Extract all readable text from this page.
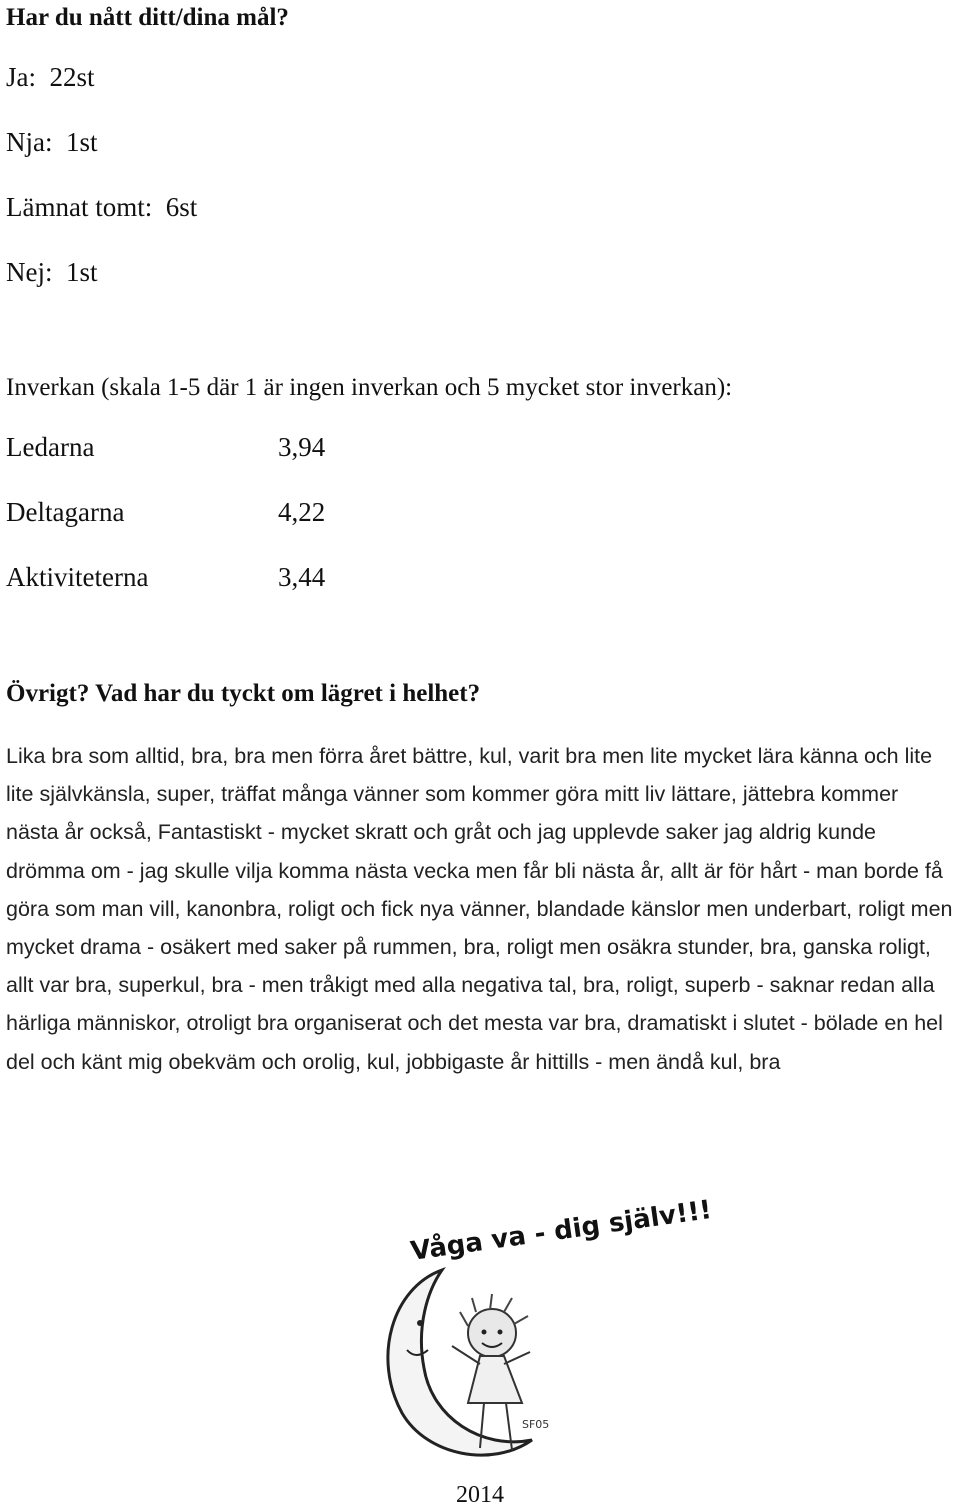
Har du nått ditt/dina mål?

Ja: 22st

Nja: 1st

Lämnat tomt: 6st

Nej: 1st

Inverkan (skala 1-5 där 1 är ingen inverkan och 5 mycket stor inverkan):

Ledarna	3,94

Deltagarna	4,22

Aktiviteterna	3,44

Övrigt? Vad har du tyckt om lägret i helhet?

Lika bra som alltid, bra, bra men förra året bättre, kul, varit bra men lite mycket lära känna och lite lite självkänsla, super, träffat många vänner som kommer göra mitt liv lättare, jättebra kommer nästa år också, Fantastiskt - mycket skratt och gråt och jag upplevde saker jag aldrig kunde drömma om - jag skulle vilja komma nästa vecka men får bli nästa år, allt är för hårt - man borde få göra som man vill, kanonbra, roligt och fick nya vänner, blandade känslor men underbart, roligt men mycket drama - osäkert med saker på rummen, bra, roligt men osäkra stunder, bra, ganska roligt, allt var bra, superkul, bra - men tråkigt med alla negativa tal, bra, roligt, superb - saknar redan alla härliga människor, otroligt bra organiserat och det mesta var bra, dramatiskt i slutet - bölade en hel del och känt mig obekväm och orolig, kul, jobbigaste år hittills - men ändå kul, bra

Våga va - dig själv!!!
SF05

2014
